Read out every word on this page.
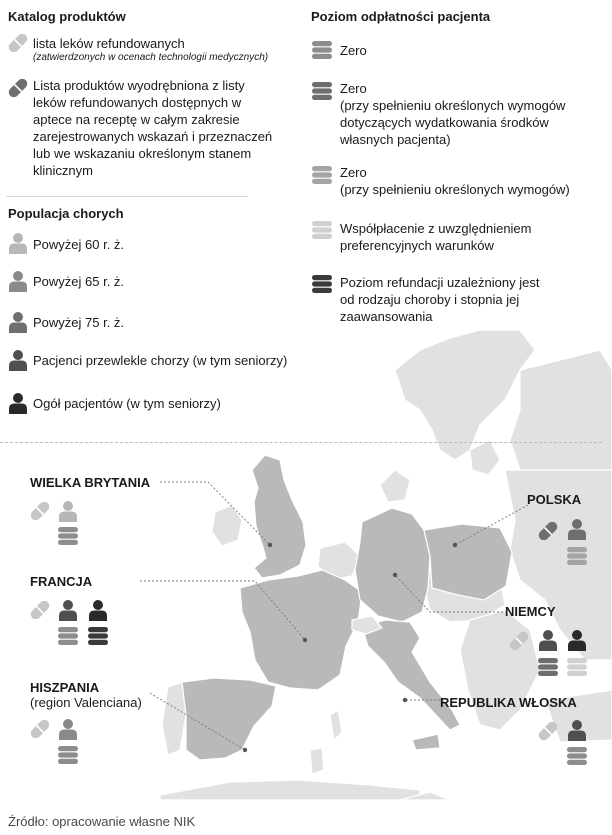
Katalog produktów
lista leków refundowanych
(zatwierdzonych w ocenach technologii medycznych)
Lista produktów wyodrębniona z listy
leków refundowanych dostępnych w
aptece na receptę w całym zakresie
zarejestrowanych wskazań i przeznaczeń
lub we wskazaniu określonym stanem
klinicznym
Populacja chorych
Powyżej 60 r. ż.
Powyżej 65 r. ż.
Powyżej 75 r. ż.
Pacjenci przewlekle chorzy (w tym seniorzy)
Ogół pacjentów (w tym seniorzy)
Poziom odpłatności pacjenta
Zero
Zero
(przy spełnieniu określonych wymogów
dotyczących wydatkowania środków
własnych pacjenta)
Zero
(przy spełnieniu określonych wymogów)
Współpłacenie z uwzględnieniem
preferencyjnych warunków
Poziom refundacji uzależniony jest
od rodzaju choroby i stopnia jej
zaawansowania
WIELKA BRYTANIA
FRANCJA
HISZPANIA
(region Valenciana)
POLSKA
NIEMCY
REPUBLIKA WŁOSKA
Źródło: opracowanie własne NIK
